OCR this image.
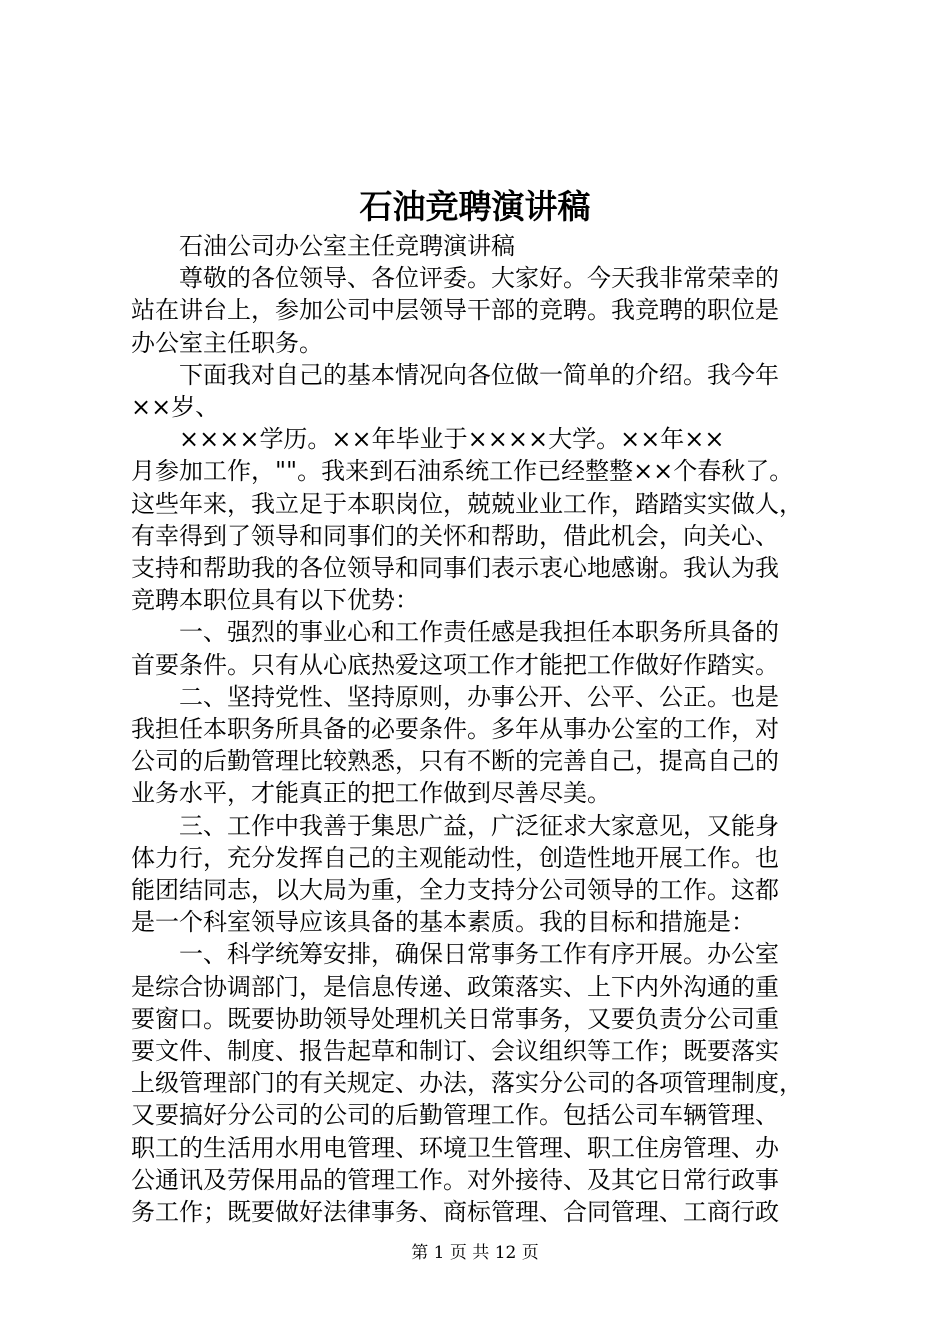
石油竞聘演讲稿

石油公司办公室主任竞聘演讲稿

尊敬的各位领导、各位评委。大家好。今天我非常荣幸的

站在讲台上，参加公司中层领导干部的竞聘。我竞聘的职位是

办公室主任职务。

下面我对自己的基本情况向各位做一简单的介绍。我今年

××岁、

××××学历。××年毕业于××××大学。××年××

月参加工作，""。我来到石油系统工作已经整整××个春秋了。

这些年来，我立足于本职岗位，兢兢业业工作，踏踏实实做人，

有幸得到了领导和同事们的关怀和帮助，借此机会，向关心、

支持和帮助我的各位领导和同事们表示衷心地感谢。我认为我

竞聘本职位具有以下优势：

一、强烈的事业心和工作责任感是我担任本职务所具备的

首要条件。只有从心底热爱这项工作才能把工作做好作踏实。

二、坚持党性、坚持原则，办事公开、公平、公正。也是

我担任本职务所具备的必要条件。多年从事办公室的工作，对

公司的后勤管理比较熟悉，只有不断的完善自己，提高自己的

业务水平，才能真正的把工作做到尽善尽美。

三、工作中我善于集思广益，广泛征求大家意见，又能身

体力行，充分发挥自己的主观能动性，创造性地开展工作。也

能团结同志，以大局为重，全力支持分公司领导的工作。这都

是一个科室领导应该具备的基本素质。我的目标和措施是：

一、科学统筹安排，确保日常事务工作有序开展。办公室

是综合协调部门，是信息传递、政策落实、上下内外沟通的重

要窗口。既要协助领导处理机关日常事务，又要负责分公司重

要文件、制度、报告起草和制订、会议组织等工作；既要落实

上级管理部门的有关规定、办法，落实分公司的各项管理制度，

又要搞好分公司的公司的后勤管理工作。包括公司车辆管理、

职工的生活用水用电管理、环境卫生管理、职工住房管理、办

公通讯及劳保用品的管理工作。对外接待、及其它日常行政事

务工作；既要做好法律事务、商标管理、合同管理、工商行政

第 1 页 共 12 页
